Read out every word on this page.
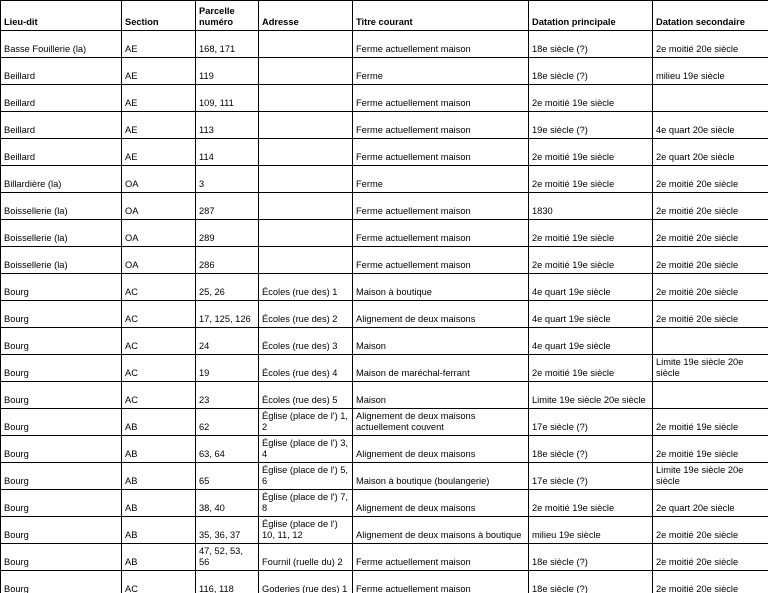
Lieu-dit	Section	Parcelle numéro	Adresse	Titre courant	Datation principale	Datation secondaire
Basse Fouillerie (la)	AE	168, 171		Ferme actuellement maison	18e siècle (?)	2e moitié 20e siècle
Beillard	AE	119		Ferme	18e siècle (?)	milieu 19e siècle
Beillard	AE	109, 111		Ferme actuellement maison	2e moitié 19e siècle	
Beillard	AE	113		Ferme actuellement maison	19e siècle (?)	4e quart 20e siècle
Beillard	AE	114		Ferme actuellement maison	2e moitié 19e siècle	2e quart 20e siècle
Billardière (la)	OA	3		Ferme	2e moitié 19e siècle	2e moitié 20e siècle
Boissellerie (la)	OA	287		Ferme actuellement maison	1830	2e moitié 20e siècle
Boissellerie (la)	OA	289		Ferme actuellement maison	2e moitié 19e siècle	2e moitié 20e siècle
Boissellerie (la)	OA	286		Ferme actuellement maison	2e moitié 19e siècle	2e moitié 20e siècle
Bourg	AC	25, 26	Écoles (rue des) 1	Maison à boutique	4e quart 19e siècle	2e moitié 20e siècle
Bourg	AC	17, 125, 126	Écoles (rue des) 2	Alignement de deux maisons	4e quart 19e siècle	2e moitié 20e siècle
Bourg	AC	24	Écoles (rue des) 3	Maison	4e quart 19e siècle	
Bourg	AC	19	Écoles (rue des) 4	Maison de maréchal-ferrant	2e moitié 19e siècle	Limite 19e siècle 20e siècle
Bourg	AC	23	Écoles (rue des) 5	Maison	Limite 19e siècle 20e siècle	
Bourg	AB	62	Église (place de l') 1, 2	Alignement de deux maisons actuellement couvent	17e siècle (?)	2e moitié 19e siècle
Bourg	AB	63, 64	Église (place de l') 3, 4	Alignement de deux maisons	18e siècle (?)	2e moitié 19e siècle
Bourg	AB	65	Église (place de l') 5, 6	Maison à boutique (boulangerie)	17e siècle (?)	Limite 19e siècle 20e siècle
Bourg	AB	38, 40	Église (place de l') 7, 8	Alignement de deux maisons	2e moitié 19e siècle	2e quart 20e siècle
Bourg	AB	35, 36, 37	Église (place de l') 10, 11, 12	Alignement de deux maisons à boutique	milieu 19e siècle	2e moitié 20e siècle
Bourg	AB	47, 52, 53, 56	Fournil (ruelle du) 2	Ferme actuellement maison	18e siècle (?)	2e moitié 20e siècle
Bourg	AC	116, 118	Goderies (rue des) 1	Ferme actuellement maison	18e siècle (?)	2e moitié 20e siècle
